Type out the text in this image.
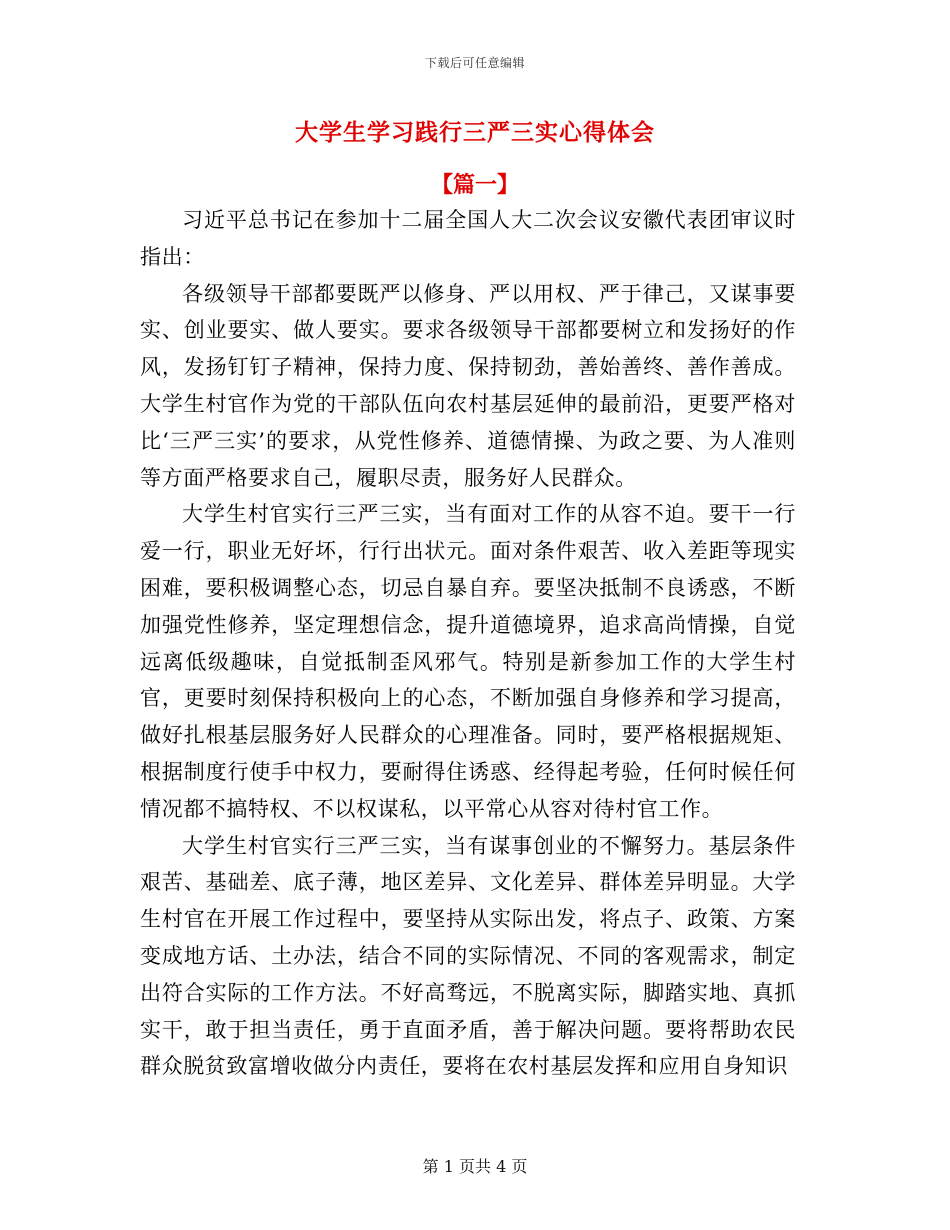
下载后可任意编辑
大学生学习践行三严三实心得体会
【篇一】

习近平总书记在参加十二届全国人大二次会议安徽代表团审议时指出：

各级领导干部都要既严以修身、严以用权、严于律己，又谋事要实、创业要实、做人要实。要求各级领导干部都要树立和发扬好的作风，发扬钉钉子精神，保持力度、保持韧劲，善始善终、善作善成。大学生村官作为党的干部队伍向农村基层延伸的最前沿，更要严格对比‘三严三实’的要求，从党性修养、道德情操、为政之要、为人准则等方面严格要求自己，履职尽责，服务好人民群众。

大学生村官实行三严三实，当有面对工作的从容不迫。要干一行爱一行，职业无好坏，行行出状元。面对条件艰苦、收入差距等现实困难，要积极调整心态，切忌自暴自弃。要坚决抵制不良诱惑，不断加强党性修养，坚定理想信念，提升道德境界，追求高尚情操，自觉远离低级趣味，自觉抵制歪风邪气。特别是新参加工作的大学生村官，更要时刻保持积极向上的心态，不断加强自身修养和学习提高，做好扎根基层服务好人民群众的心理准备。同时，要严格根据规矩、根据制度行使手中权力，要耐得住诱惑、经得起考验，任何时候任何情况都不搞特权、不以权谋私，以平常心从容对待村官工作。

大学生村官实行三严三实，当有谋事创业的不懈努力。基层条件艰苦、基础差、底子薄，地区差异、文化差异、群体差异明显。大学生村官在开展工作过程中，要坚持从实际出发，将点子、政策、方案变成地方话、土办法，结合不同的实际情况、不同的客观需求，制定出符合实际的工作方法。不好高骛远，不脱离实际，脚踏实地、真抓实干，敢于担当责任，勇于直面矛盾，善于解决问题。要将帮助农民群众脱贫致富增收做分内责任，要将在农村基层发挥和应用自身知识

第 1 页共 4 页
